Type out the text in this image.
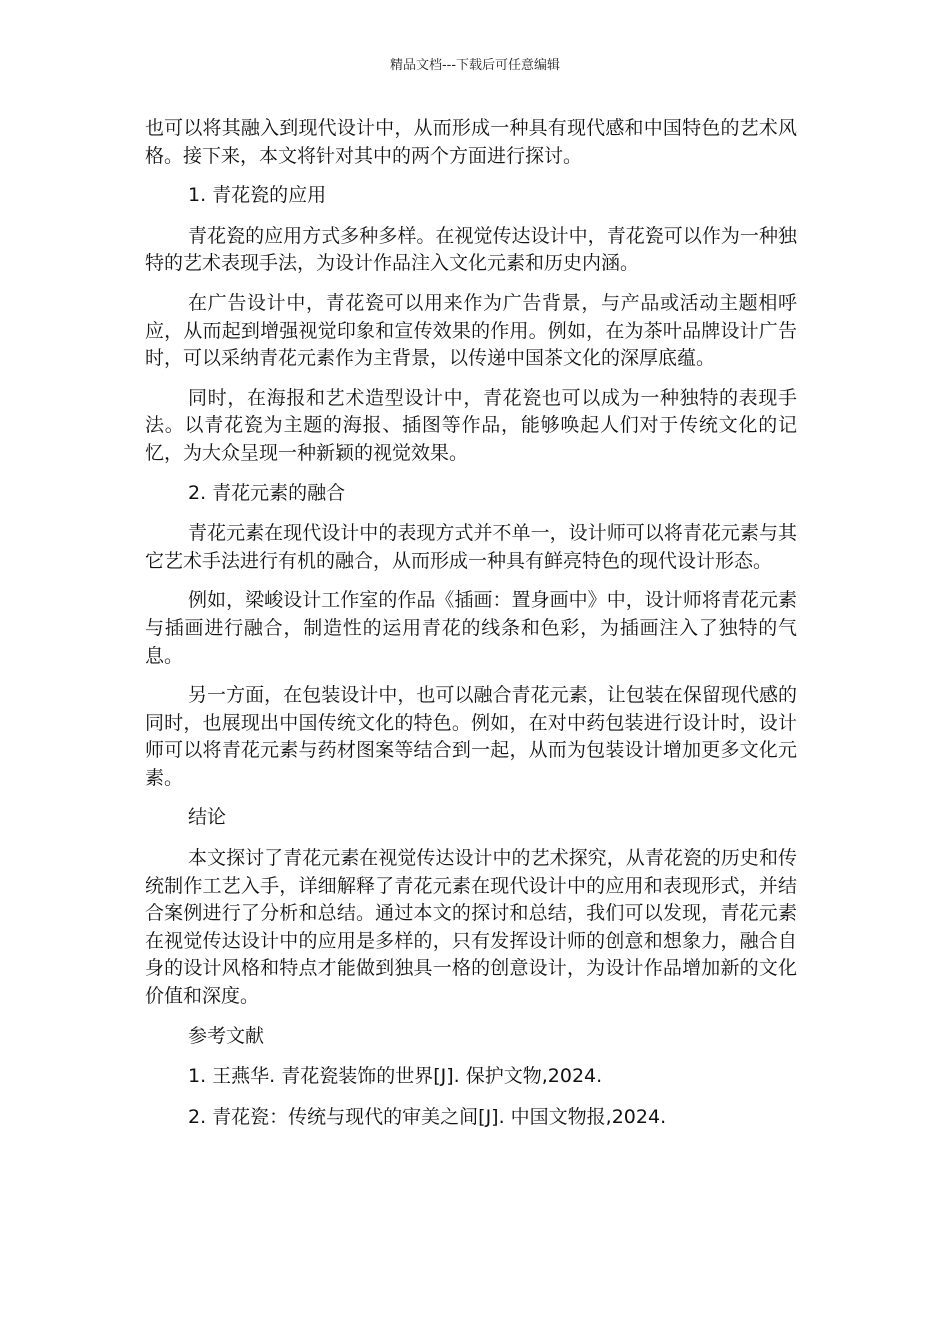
精品文档---下载后可任意编辑

也可以将其融入到现代设计中，从而形成一种具有现代感和中国特色的艺术风格。接下来，本文将针对其中的两个方面进行探讨。

1. 青花瓷的应用

青花瓷的应用方式多种多样。在视觉传达设计中，青花瓷可以作为一种独特的艺术表现手法，为设计作品注入文化元素和历史内涵。

在广告设计中，青花瓷可以用来作为广告背景，与产品或活动主题相呼应，从而起到增强视觉印象和宣传效果的作用。例如，在为茶叶品牌设计广告时，可以采纳青花元素作为主背景，以传递中国茶文化的深厚底蕴。

同时，在海报和艺术造型设计中，青花瓷也可以成为一种独特的表现手法。以青花瓷为主题的海报、插图等作品，能够唤起人们对于传统文化的记忆，为大众呈现一种新颖的视觉效果。

2. 青花元素的融合

青花元素在现代设计中的表现方式并不单一，设计师可以将青花元素与其它艺术手法进行有机的融合，从而形成一种具有鲜亮特色的现代设计形态。

例如，梁峻设计工作室的作品《插画：置身画中》中，设计师将青花元素与插画进行融合，制造性的运用青花的线条和色彩，为插画注入了独特的气息。

另一方面，在包装设计中，也可以融合青花元素，让包装在保留现代感的同时，也展现出中国传统文化的特色。例如，在对中药包装进行设计时，设计师可以将青花元素与药材图案等结合到一起，从而为包装设计增加更多文化元素。

结论

本文探讨了青花元素在视觉传达设计中的艺术探究，从青花瓷的历史和传统制作工艺入手，详细解释了青花元素在现代设计中的应用和表现形式，并结合案例进行了分析和总结。通过本文的探讨和总结，我们可以发现，青花元素在视觉传达设计中的应用是多样的，只有发挥设计师的创意和想象力，融合自身的设计风格和特点才能做到独具一格的创意设计，为设计作品增加新的文化价值和深度。

参考文献

1. 王燕华. 青花瓷装饰的世界[J]. 保护文物,2024.

2. 青花瓷：传统与现代的审美之间[J]. 中国文物报,2024.
